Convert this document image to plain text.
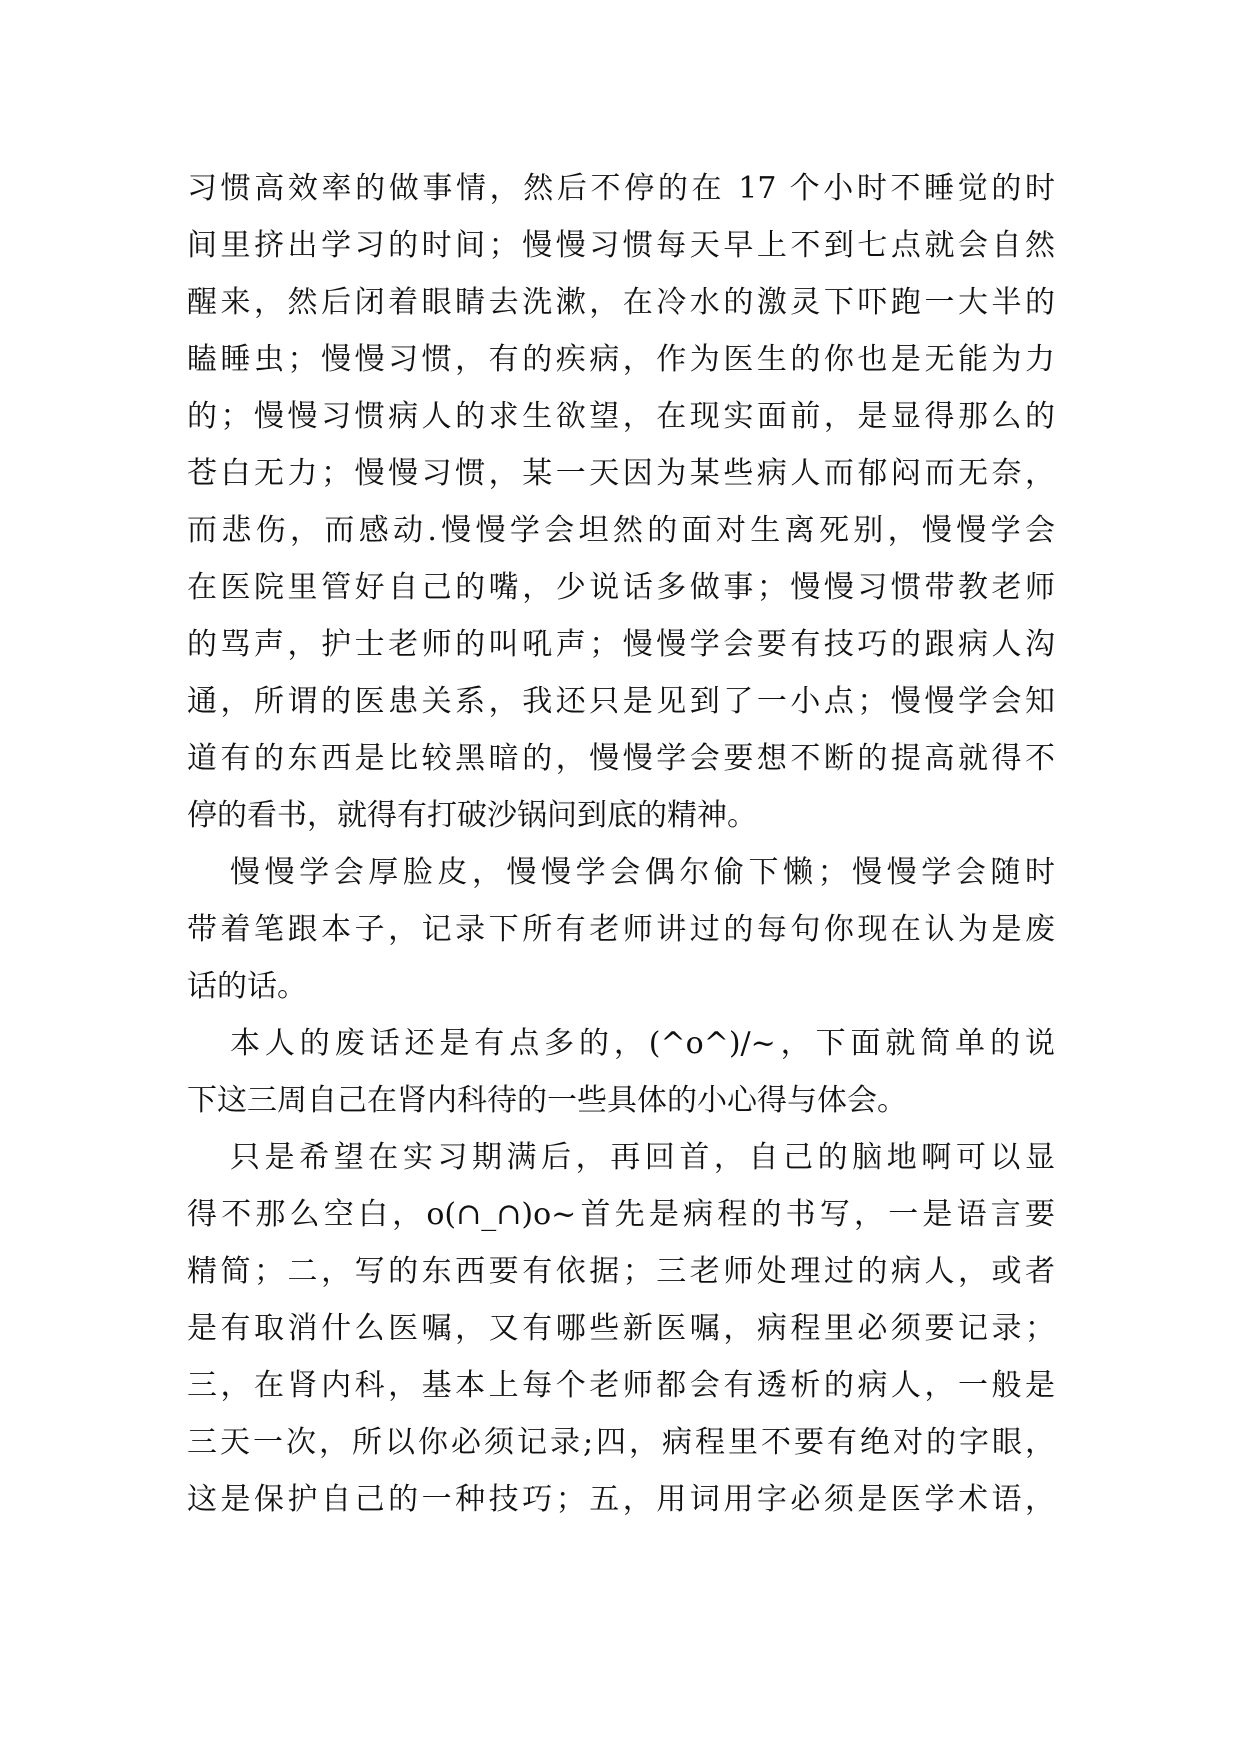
习惯高效率的做事情，然后不停的在 17 个小时不睡觉的时
间里挤出学习的时间；慢慢习惯每天早上不到七点就会自然
醒来，然后闭着眼睛去洗漱，在冷水的激灵下吓跑一大半的
瞌睡虫；慢慢习惯，有的疾病，作为医生的你也是无能为力
的；慢慢习惯病人的求生欲望，在现实面前，是显得那么的
苍白无力；慢慢习惯，某一天因为某些病人而郁闷而无奈，
而悲伤，而感动.慢慢学会坦然的面对生离死别，慢慢学会
在医院里管好自己的嘴，少说话多做事；慢慢习惯带教老师
的骂声，护士老师的叫吼声；慢慢学会要有技巧的跟病人沟
通，所谓的医患关系，我还只是见到了一小点；慢慢学会知
道有的东西是比较黑暗的，慢慢学会要想不断的提高就得不
停的看书，就得有打破沙锅问到底的精神。
慢慢学会厚脸皮，慢慢学会偶尔偷下懒；慢慢学会随时
带着笔跟本子，记录下所有老师讲过的每句你现在认为是废
话的话。
本人的废话还是有点多的，(^o^)/~，下面就简单的说
下这三周自己在肾内科待的一些具体的小心得与体会。
只是希望在实习期满后，再回首，自己的脑地啊可以显
得不那么空白，o(∩_∩)o~首先是病程的书写，一是语言要
精简；二，写的东西要有依据；三老师处理过的病人，或者
是有取消什么医嘱，又有哪些新医嘱，病程里必须要记录；
三，在肾内科，基本上每个老师都会有透析的病人，一般是
三天一次，所以你必须记录;四，病程里不要有绝对的字眼，
这是保护自己的一种技巧；五，用词用字必须是医学术语，
